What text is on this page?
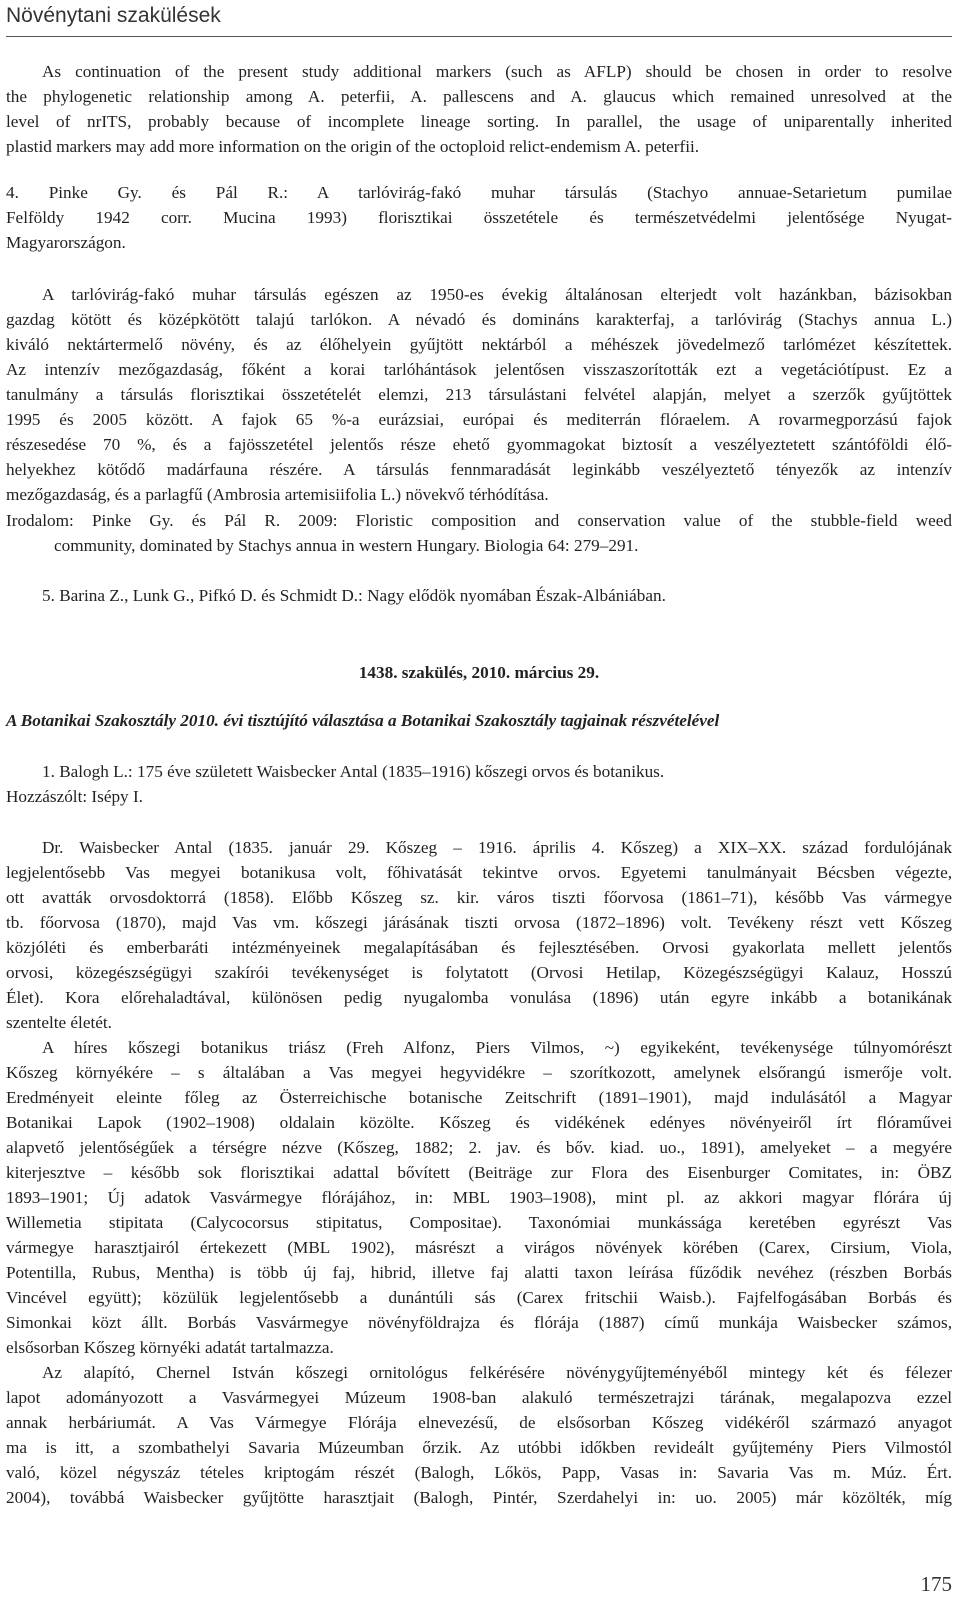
Növénytani szakülések
As continuation of the present study additional markers (such as AFLP) should be chosen in order to resolve
the phylogenetic relationship among A. peterfii, A. pallescens and A. glaucus which remained unresolved at the
level of nrITS, probably because of incomplete lineage sorting. In parallel, the usage of uniparentally inherited
plastid markers may add more information on the origin of the octoploid relict-endemism A. peterfii.
4. Pinke Gy. és Pál R.: A tarlóvirág-fakó muhar társulás (Stachyo annuae-Setarietum pumilae
Felföldy 1942 corr. Mucina 1993) florisztikai összetétele és természetvédelmi jelentősége Nyugat-
Magyarországon.
A tarlóvirág-fakó muhar társulás egészen az 1950-es évekig általánosan elterjedt volt hazánkban, bázisokban
gazdag kötött és középkötött talajú tarlókon. A névadó és domináns karakterfaj, a tarlóvirág (Stachys annua L.)
kiváló nektártermelő növény, és az élőhelyein gyűjtött nektárból a méhészek jövedelmező tarlómézet készítettek.
Az intenzív mezőgazdaság, főként a korai tarlóhántások jelentősen visszaszorították ezt a vegetációtípust. Ez a
tanulmány a társulás florisztikai összetételét elemzi, 213 társulástani felvétel alapján, melyet a szerzők gyűjtöttek
1995 és 2005 között. A fajok 65 %-a eurázsiai, európai és mediterrán flóraelem. A rovarmegporzású fajok
részesedése 70 %, és a fajösszetétel jelentős része ehető gyommagokat biztosít a veszélyeztetett szántóföldi élő-
helyekhez kötődő madárfauna részére. A társulás fennmaradását leginkább veszélyeztető tényezők az intenzív
mezőgazdaság, és a parlagfű (Ambrosia artemisiifolia L.) növekvő térhódítása.
Irodalom: Pinke Gy. és Pál R. 2009: Floristic composition and conservation value of the stubble-field weed
community, dominated by Stachys annua in western Hungary. Biologia 64: 279–291.
5. Barina Z., Lunk G., Pifkó D. és Schmidt D.: Nagy elődök nyomában Észak-Albániában.
1438. szakülés, 2010. március 29.
A Botanikai Szakosztály 2010. évi tisztújító választása a Botanikai Szakosztály tagjainak részvételével
1. Balogh L.: 175 éve született Waisbecker Antal (1835–1916) kőszegi orvos és botanikus.
Hozzászólt: Isépy I.
Dr. Waisbecker Antal (1835. január 29. Kőszeg – 1916. április 4. Kőszeg) a XIX–XX. század fordulójának
legjelentősebb Vas megyei botanikusa volt, főhivatását tekintve orvos. Egyetemi tanulmányait Bécsben végezte,
ott avatták orvosdoktorrá (1858). Előbb Kőszeg sz. kir. város tiszti főorvosa (1861–71), később Vas vármegye
tb. főorvosa (1870), majd Vas vm. kőszegi járásának tiszti orvosa (1872–1896) volt. Tevékeny részt vett Kőszeg
közjóléti és emberbaráti intézményeinek megalapításában és fejlesztésében. Orvosi gyakorlata mellett jelentős
orvosi, közegészségügyi szakírói tevékenységet is folytatott (Orvosi Hetilap, Közegészségügyi Kalauz, Hosszú
Élet). Kora előrehaladtával, különösen pedig nyugalomba vonulása (1896) után egyre inkább a botanikának
szentelte életét.
A híres kőszegi botanikus triász (Freh Alfonz, Piers Vilmos, ~) egyikeként, tevékenysége túlnyomórészt
Kőszeg környékére – s általában a Vas megyei hegyvidékre – szorítkozott, amelynek elsőrangú ismerője volt.
Eredményeit eleinte főleg az Österreichische botanische Zeitschrift (1891–1901), majd indulásától a Magyar
Botanikai Lapok (1902–1908) oldalain közölte. Kőszeg és vidékének edényes növényeiről írt flóraművei
alapvető jelentőségűek a térségre nézve (Kőszeg, 1882; 2. jav. és bőv. kiad. uo., 1891), amelyeket – a megyére
kiterjesztve – később sok florisztikai adattal bővített (Beiträge zur Flora des Eisenburger Comitates, in: ÖBZ
1893–1901; Új adatok Vasvármegye flórájához, in: MBL 1903–1908), mint pl. az akkori magyar flórára új
Willemetia stipitata (Calycocorsus stipitatus, Compositae). Taxonómiai munkássága keretében egyrészt Vas
vármegye harasztjairól értekezett (MBL 1902), másrészt a virágos növények körében (Carex, Cirsium, Viola,
Potentilla, Rubus, Mentha) is több új faj, hibrid, illetve faj alatti taxon leírása fűződik nevéhez (részben Borbás
Vincével együtt); közülük legjelentősebb a dunántúli sás (Carex fritschii Waisb.). Fajfelfogásában Borbás és
Simonkai közt állt. Borbás Vasvármegye növényföldrajza és flórája (1887) című munkája Waisbecker számos,
elsősorban Kőszeg környéki adatát tartalmazza.
Az alapító, Chernel István kőszegi ornitológus felkérésére növénygyűjteményéből mintegy két és félezer
lapot adományozott a Vasvármegyei Múzeum 1908-ban alakuló természetrajzi tárának, megalapozva ezzel
annak herbáriumát. A Vas Vármegye Flórája elnevezésű, de elsősorban Kőszeg vidékéről származó anyagot
ma is itt, a szombathelyi Savaria Múzeumban őrzik. Az utóbbi időkben revideált gyűjtemény Piers Vilmostól
való, közel négyszáz tételes kriptogám részét (Balogh, Lőkös, Papp, Vasas in: Savaria Vas m. Múz. Ért.
2004), továbbá Waisbecker gyűjtötte harasztjait (Balogh, Pintér, Szerdahelyi in: uo. 2005) már közölték, míg
175
